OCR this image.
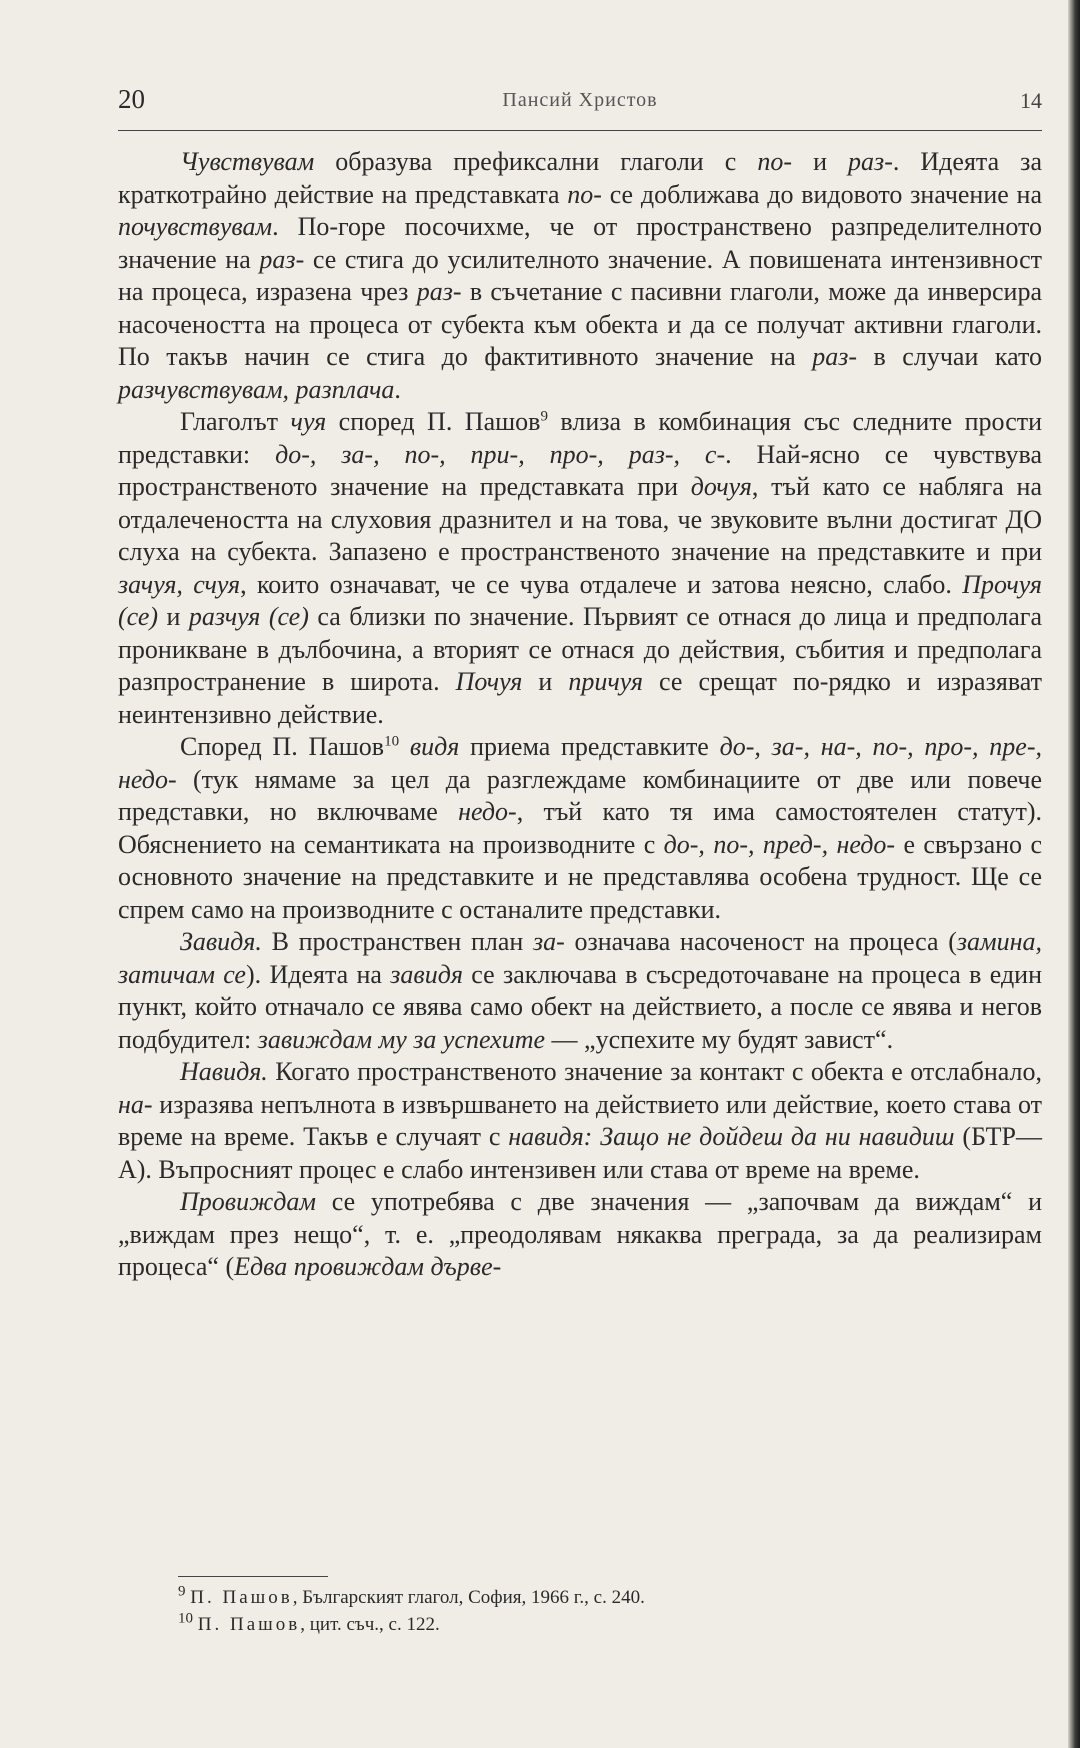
20	Пансий Христов	14

Чувствувам образува префиксални глаголи с по- и раз-. Идеята за краткотрайно действие на представката по- се доближава до видовото значение на почувствувам. По-горе посочихме, че от пространствено разпределителното значение на раз- се стига до усилителното значение. А повишената интензивност на процеса, изразена чрез раз- в съчетание с пасивни глаголи, може да инверсира насочеността на процеса от субекта към обекта и да се получат активни глаголи. По такъв начин се стига до фактитивното значение на раз- в случаи като разчувствувам, разплача.

Глаголът чуя според П. Пашов$^9$ влиза в комбинация със следните прости представки: до-, за-, по-, при-, про-, раз-, с-. Най-ясно се чувствува пространственото значение на представката при дочуя, тъй като се набляга на отдалечеността на слуховия дразнител и на това, че звуковите вълни достигат ДО слуха на субекта. Запазено е пространственото значение на представките и при зачуя, счуя, които означават, че се чува отдалече и затова неясно, слабо. Прочуя (се) и разчуя (се) са близки по значение. Първият се отнася до лица и предполага проникване в дълбочина, а вторият се отнася до действия, събития и предполага разпространение в широта. Почуя и причуя се срещат по-рядко и изразяват неинтензивно действие.

Според П. Пашов$^{10}$ видя приема представките до-, за-, на-, по-, про-, пре-, недо- (тук нямаме за цел да разглеждаме комбинациите от две или повече представки, но включваме недо-, тъй като тя има самостоятелен статут). Обяснението на семантиката на производните с до-, по-, пред-, недо- е свързано с основното значение на представките и не представлява особена трудност. Ще се спрем само на производните с останалите представки.

Завидя. В пространствен план за- означава насоченост на процеса (замина, затичам се). Идеята на завидя се заключава в съсредоточаване на процеса в един пункт, който отначало се явява само обект на действието, а после се явява и негов подбудител: завиждам му за успехите — „успехите му будят завист“.

Навидя. Когато пространственото значение за контакт с обекта е отслабнало, на- изразява непълнота в извършването на действието или действие, което става от време на време. Такъв е случаят с навидя: Защо не дойдеш да ни навидиш (БТР—А). Въпросният процес е слабо интензивен или става от време на време.

Провиждам се употребява с две значения — „започвам да виждам“ и „виждам през нещо“, т. е. „преодолявам някаква преграда, за да реализирам процеса“ (Едва провиждам дърве-

$^9$ П. Пашов, Българският глагол, София, 1966 г., с. 240.
$^{10}$ П. Пашов, цит. съч., с. 122.
